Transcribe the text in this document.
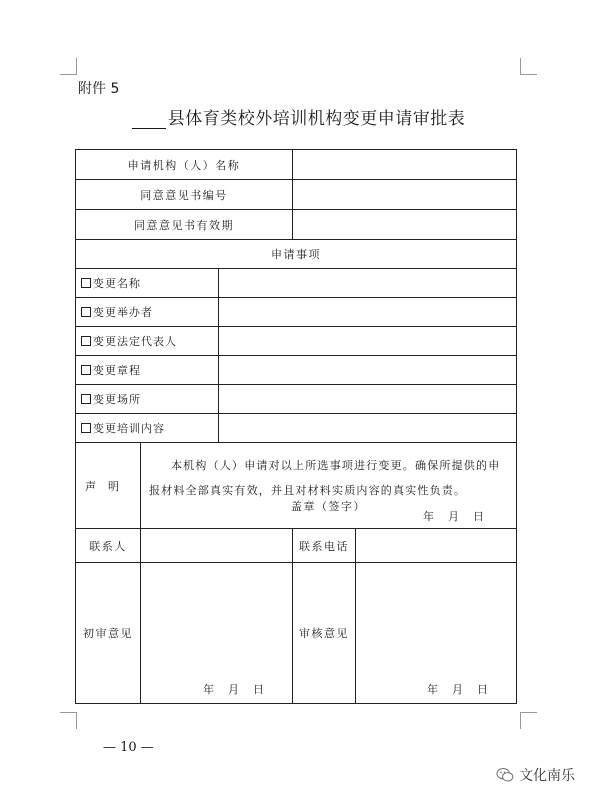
附件 5
县体育类校外培训机构变更申请审批表
申请机构（人）名称				
同意意见书编号				
同意意见书有效期				
申请事项				
变更名称				
变更举办者				
变更法定代表人				
变更章程				
变更场所				
变更培训内容				
声明	本机构（人）申请对以上所选事项进行变更。确保所提供的申报材料全部真实有效，并且对材料实质内容的真实性负责。
盖章（签字）
年月日			

联系人			联系电话	
初审意见	年月日		审核意见	年月日
— 10 —
文化南乐
